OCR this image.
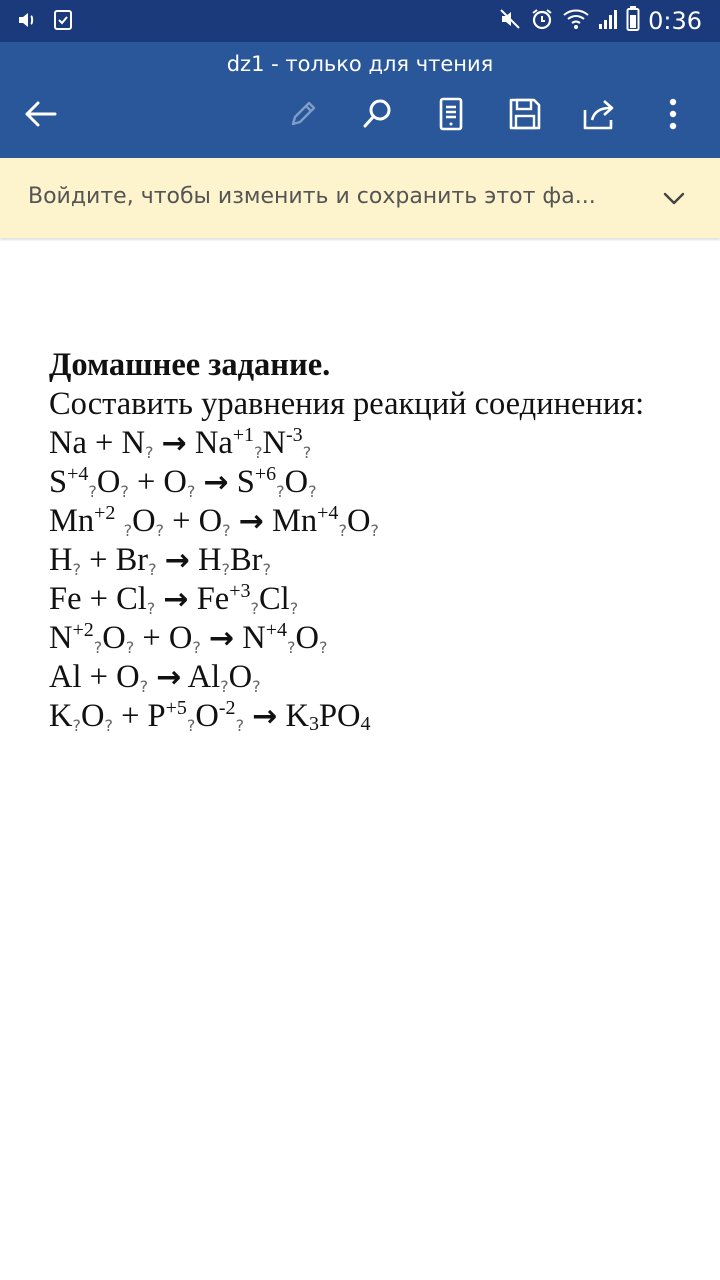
0:36
dz1 - только для чтения
Войдите, чтобы изменить и сохранить этот фа...
Домашнее задание.
Составить уравнения реакций соединения:
Na + N? → $Na^{+1}?N^{-3}$?
$S^{+4}?O$? + O? → $S^{+6}?O$?
$Mn^{+2}$ ?O? + O? → $Mn^{+4}?O$?
H? + Br? → H?Br?
Fe + Cl? → $Fe^{+3}?Cl$?
$N^{+2}?O$? + O? → $N^{+4}?O$?
Al + O? → Al?O?
K?O? + $P^{+5}?O^{-2}$? → $K_3PO_4$
